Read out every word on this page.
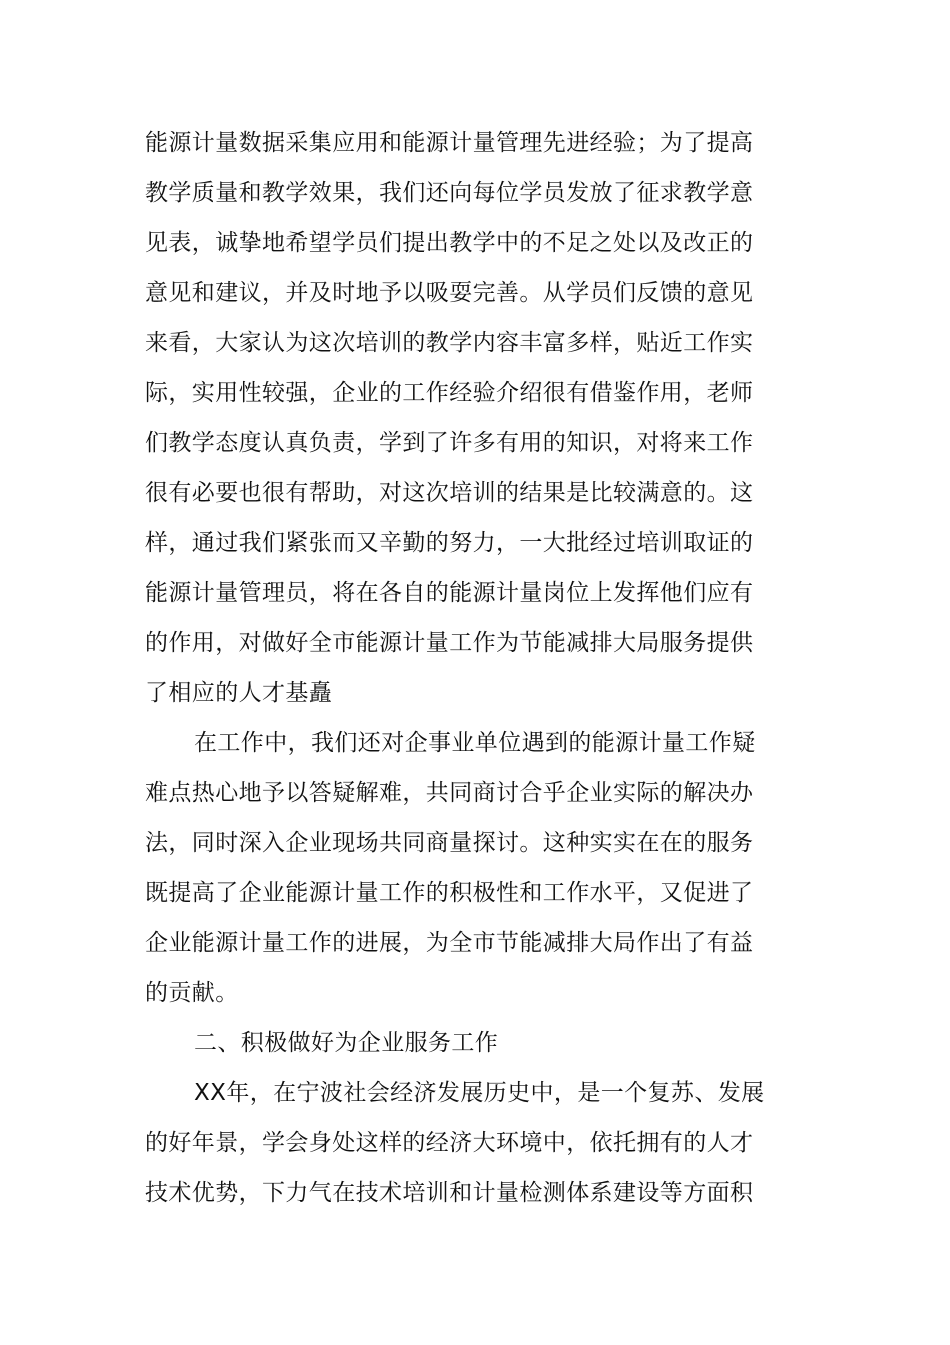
能源计量数据采集应用和能源计量管理先进经验；为了提高
教学质量和教学效果，我们还向每位学员发放了征求教学意
见表，诚挚地希望学员们提出教学中的不足之处以及改正的
意见和建议，并及时地予以吸耍完善。从学员们反馈的意见
来看，大家认为这次培训的教学内容丰富多样，贴近工作实
际，实用性较强，企业的工作经验介绍很有借鉴作用，老师
们教学态度认真负责，学到了许多有用的知识，对将来工作
很有必要也很有帮助，对这次培训的结果是比较满意的。这
样，通过我们紧张而又辛勤的努力，一大批经过培训取证的
能源计量管理员，将在各自的能源计量岗位上发挥他们应有
的作用，对做好全市能源计量工作为节能减排大局服务提供
了相应的人才基矗
在工作中，我们还对企事业单位遇到的能源计量工作疑
难点热心地予以答疑解难，共同商讨合乎企业实际的解决办
法，同时深入企业现场共同商量探讨。这种实实在在的服务
既提高了企业能源计量工作的积极性和工作水平，又促进了
企业能源计量工作的进展，为全市节能减排大局作出了有益
的贡献。
二、积极做好为企业服务工作
XX年，在宁波社会经济发展历史中，是一个复苏、发展
的好年景，学会身处这样的经济大环境中，依托拥有的人才
技术优势，下力气在技术培训和计量检测体系建设等方面积
